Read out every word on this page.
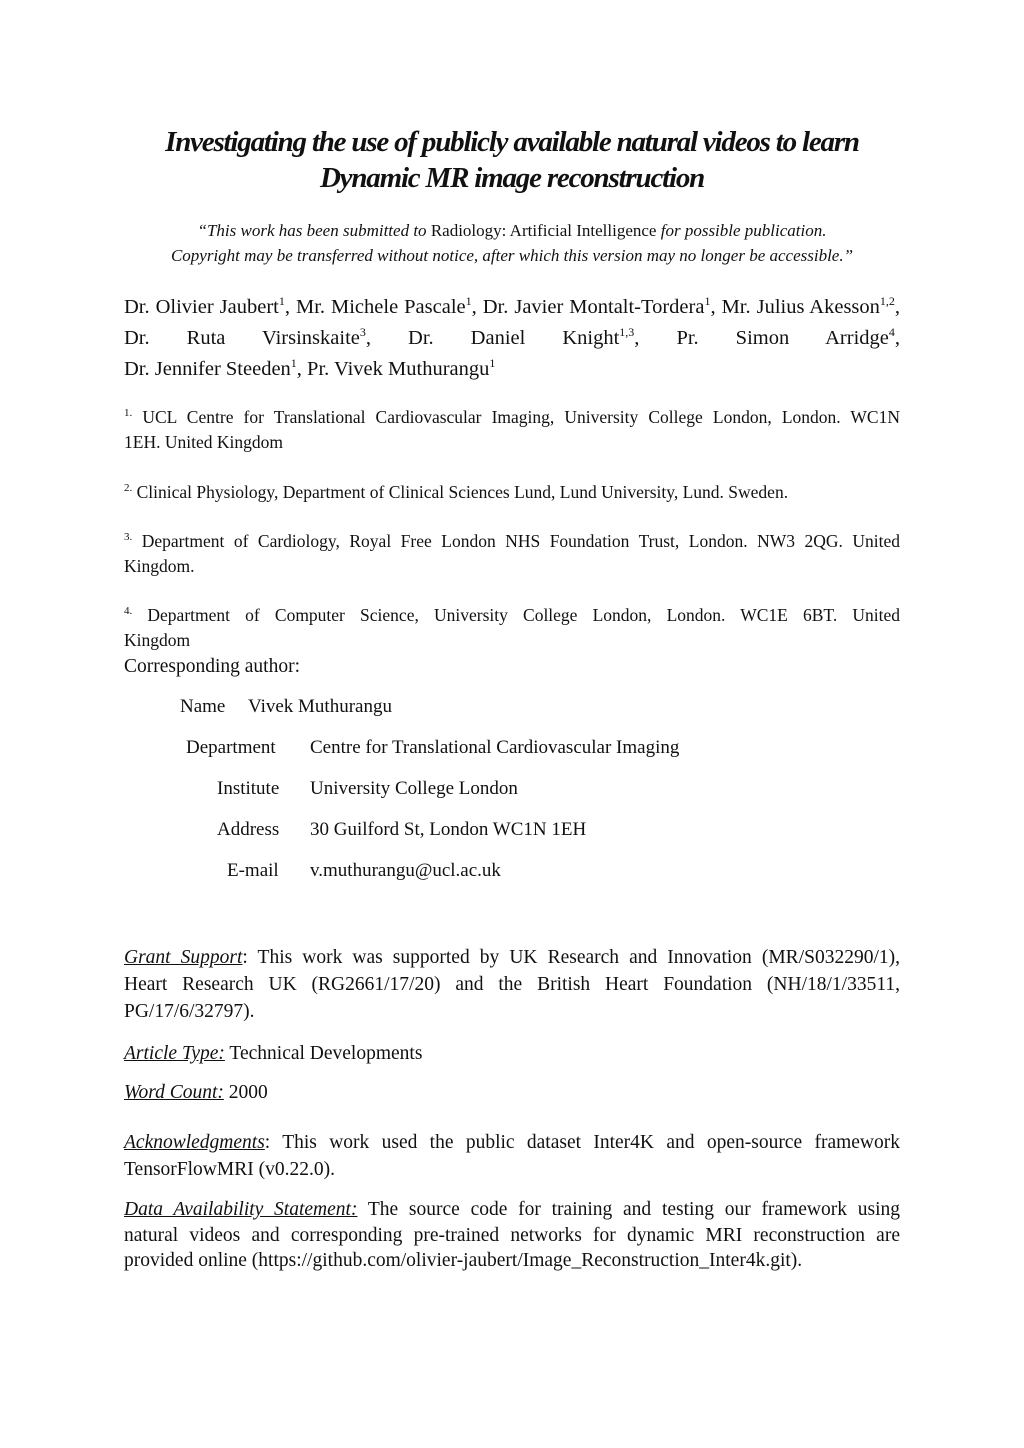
Investigating the use of publicly available natural videos to learn
Dynamic MR image reconstruction
“This work has been submitted to Radiology: Artificial Intelligence for possible publication.
Copyright may be transferred without notice, after which this version may no longer be accessible.”
Dr. Olivier Jaubert$^1$, Mr. Michele Pascale$^1$, Dr. Javier Montalt-Tordera$^1$, Mr. Julius Akesson$^{1,2}$, Dr. Ruta Virsinskaite$^3$, Dr. Daniel Knight$^{1,3}$, Pr. Simon Arridge$^4$,
Dr. Jennifer Steeden$^1$, Pr. Vivek Muthurangu$^1$
$^{1.}$ UCL Centre for Translational Cardiovascular Imaging, University College London, London. WC1N
1EH. United Kingdom
$^{2.}$ Clinical Physiology, Department of Clinical Sciences Lund, Lund University, Lund. Sweden.
$^{3.}$ Department of Cardiology, Royal Free London NHS Foundation Trust, London. NW3 2QG. United
Kingdom.
$^{4.}$ Department of Computer Science, University College London, London. WC1E 6BT. United
Kingdom
Corresponding author:
Name Vivek Muthurangu
Department Centre for Translational Cardiovascular Imaging
Institute University College London
Address 30 Guilford St, London WC1N 1EH
E-mail v.muthurangu@ucl.ac.uk
Grant Support: This work was supported by UK Research and Innovation (MR/S032290/1),
Heart Research UK (RG2661/17/20) and the British Heart Foundation (NH/18/1/33511,
PG/17/6/32797).
Article Type: Technical Developments
Word Count: 2000
Acknowledgments: This work used the public dataset Inter4K and open-source framework
TensorFlowMRI (v0.22.0).
Data Availability Statement: The source code for training and testing our framework using
natural videos and corresponding pre-trained networks for dynamic MRI reconstruction are
provided online (https://github.com/olivier-jaubert/Image_Reconstruction_Inter4k.git).
